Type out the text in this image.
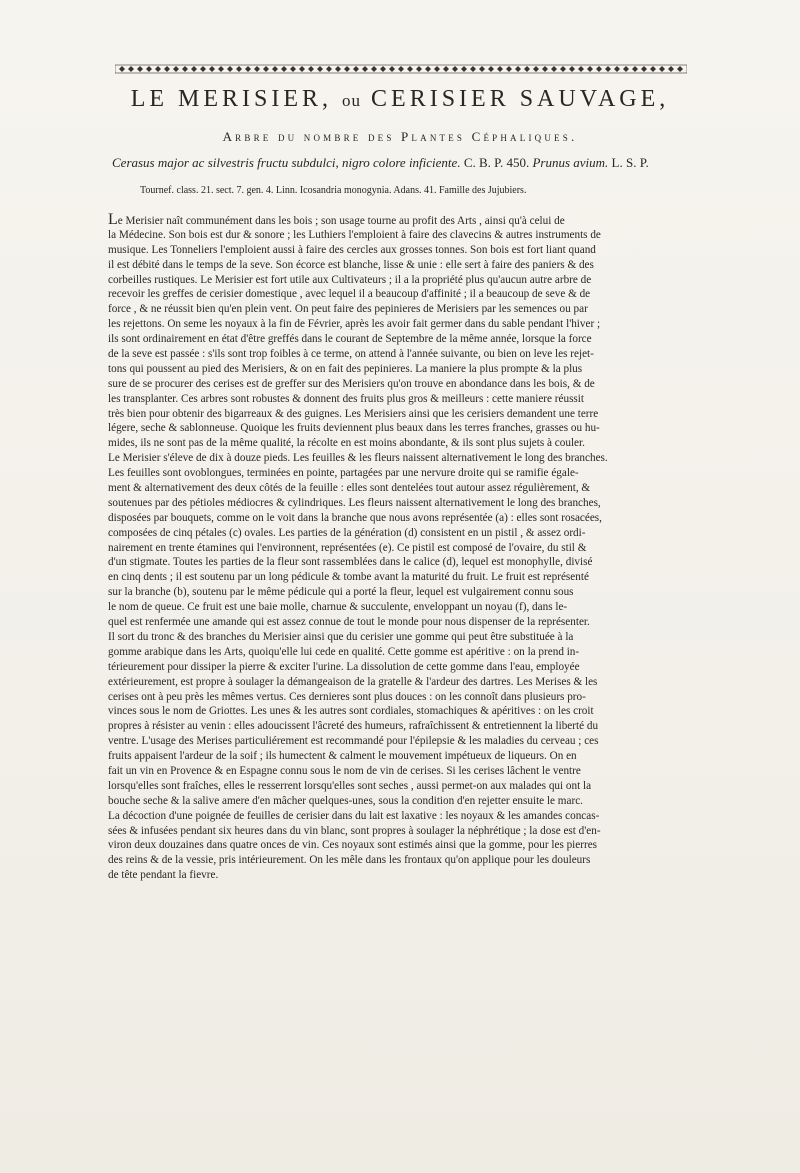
LE MERISIER, ou CERISIER SAUVAGE,
Arbre du nombre des Plantes Céphaliques.
Cerasus major ac silvestris fructu subdulci, nigro colore inficiente. C. B. P. 450. Prunus avium. L. S. P.
Tournef. class. 21. sect. 7. gen. 4. Linn. Icosandria monogynia. Adans. 41. Famille des Jujubiers.
Le Merisier naît communément dans les bois ; son usage tourne au profit des Arts , ainsi qu'à celui de
la Médecine. Son bois est dur & sonore ; les Luthiers l'emploient à faire des clavecins & autres instruments de
musique. Les Tonneliers l'emploient aussi à faire des cercles aux grosses tonnes. Son bois est fort liant quand
il est débité dans le temps de la seve. Son écorce est blanche, lisse & unie : elle sert à faire des paniers & des
corbeilles rustiques. Le Merisier est fort utile aux Cultivateurs ; il a la propriété plus qu'aucun autre arbre de
recevoir les greffes de cerisier domestique , avec lequel il a beaucoup d'affinité ; il a beaucoup de seve & de
force , & ne réussit bien qu'en plein vent. On peut faire des pepinieres de Merisiers par les semences ou par
les rejettons. On seme les noyaux à la fin de Février, après les avoir fait germer dans du sable pendant l'hiver ;
ils sont ordinairement en état d'être greffés dans le courant de Septembre de la même année, lorsque la force
de la seve est passée : s'ils sont trop foibles à ce terme, on attend à l'année suivante, ou bien on leve les rejet-
tons qui poussent au pied des Merisiers, & on en fait des pepinieres. La maniere la plus prompte & la plus
sure de se procurer des cerises est de greffer sur des Merisiers qu'on trouve en abondance dans les bois, & de
les transplanter. Ces arbres sont robustes & donnent des fruits plus gros & meilleurs : cette maniere réussit
très bien pour obtenir des bigarreaux & des guignes. Les Merisiers ainsi que les cerisiers demandent une terre
légere, seche & sablonneuse. Quoique les fruits deviennent plus beaux dans les terres franches, grasses ou hu-
mides, ils ne sont pas de la même qualité, la récolte en est moins abondante, & ils sont plus sujets à couler.
Le Merisier s'éleve de dix à douze pieds. Les feuilles & les fleurs naissent alternativement le long des branches.
Les feuilles sont ovoblongues, terminées en pointe, partagées par une nervure droite qui se ramifie égale-
ment & alternativement des deux côtés de la feuille : elles sont dentelées tout autour assez régulièrement, &
soutenues par des pétioles médiocres & cylindriques. Les fleurs naissent alternativement le long des branches,
disposées par bouquets, comme on le voit dans la branche que nous avons représentée (a) : elles sont rosacées,
composées de cinq pétales (c) ovales. Les parties de la génération (d) consistent en un pistil , & assez ordi-
nairement en trente étamines qui l'environnent, représentées (e). Ce pistil est composé de l'ovaire, du stil &
d'un stigmate. Toutes les parties de la fleur sont rassemblées dans le calice (d), lequel est monophylle, divisé
en cinq dents ; il est soutenu par un long pédicule & tombe avant la maturité du fruit. Le fruit est représenté
sur la branche (b), soutenu par le même pédicule qui a porté la fleur, lequel est vulgairement connu sous
le nom de queue. Ce fruit est une baie molle, charnue & succulente, enveloppant un noyau (f), dans le-
quel est renfermée une amande qui est assez connue de tout le monde pour nous dispenser de la représenter.
Il sort du tronc & des branches du Merisier ainsi que du cerisier une gomme qui peut être substituée à la
gomme arabique dans les Arts, quoiqu'elle lui cede en qualité. Cette gomme est apéritive : on la prend in-
térieurement pour dissiper la pierre & exciter l'urine. La dissolution de cette gomme dans l'eau, employée
extérieurement, est propre à soulager la démangeaison de la gratelle & l'ardeur des dartres. Les Merises & les
cerises ont à peu près les mêmes vertus. Ces dernieres sont plus douces : on les connoît dans plusieurs pro-
vinces sous le nom de Griottes. Les unes & les autres sont cordiales, stomachiques & apéritives : on les croit
propres à résister au venin : elles adoucissent l'âcreté des humeurs, rafraîchissent & entretiennent la liberté du
ventre. L'usage des Merises particuliérement est recommandé pour l'épilepsie & les maladies du cerveau ; ces
fruits appaisent l'ardeur de la soif ; ils humectent & calment le mouvement impétueux de liqueurs. On en
fait un vin en Provence & en Espagne connu sous le nom de vin de cerises. Si les cerises lâchent le ventre
lorsqu'elles sont fraîches, elles le resserrent lorsqu'elles sont seches , aussi permet-on aux malades qui ont la
bouche seche & la salive amere d'en mâcher quelques-unes, sous la condition d'en rejetter ensuite le marc.
La décoction d'une poignée de feuilles de cerisier dans du lait est laxative : les noyaux & les amandes concas-
sées & infusées pendant six heures dans du vin blanc, sont propres à soulager la néphrétique ; la dose est d'en-
viron deux douzaines dans quatre onces de vin. Ces noyaux sont estimés ainsi que la gomme, pour les pierres
des reins & de la vessie, pris intérieurement. On les mêle dans les frontaux qu'on applique pour les douleurs
de tête pendant la fievre.
